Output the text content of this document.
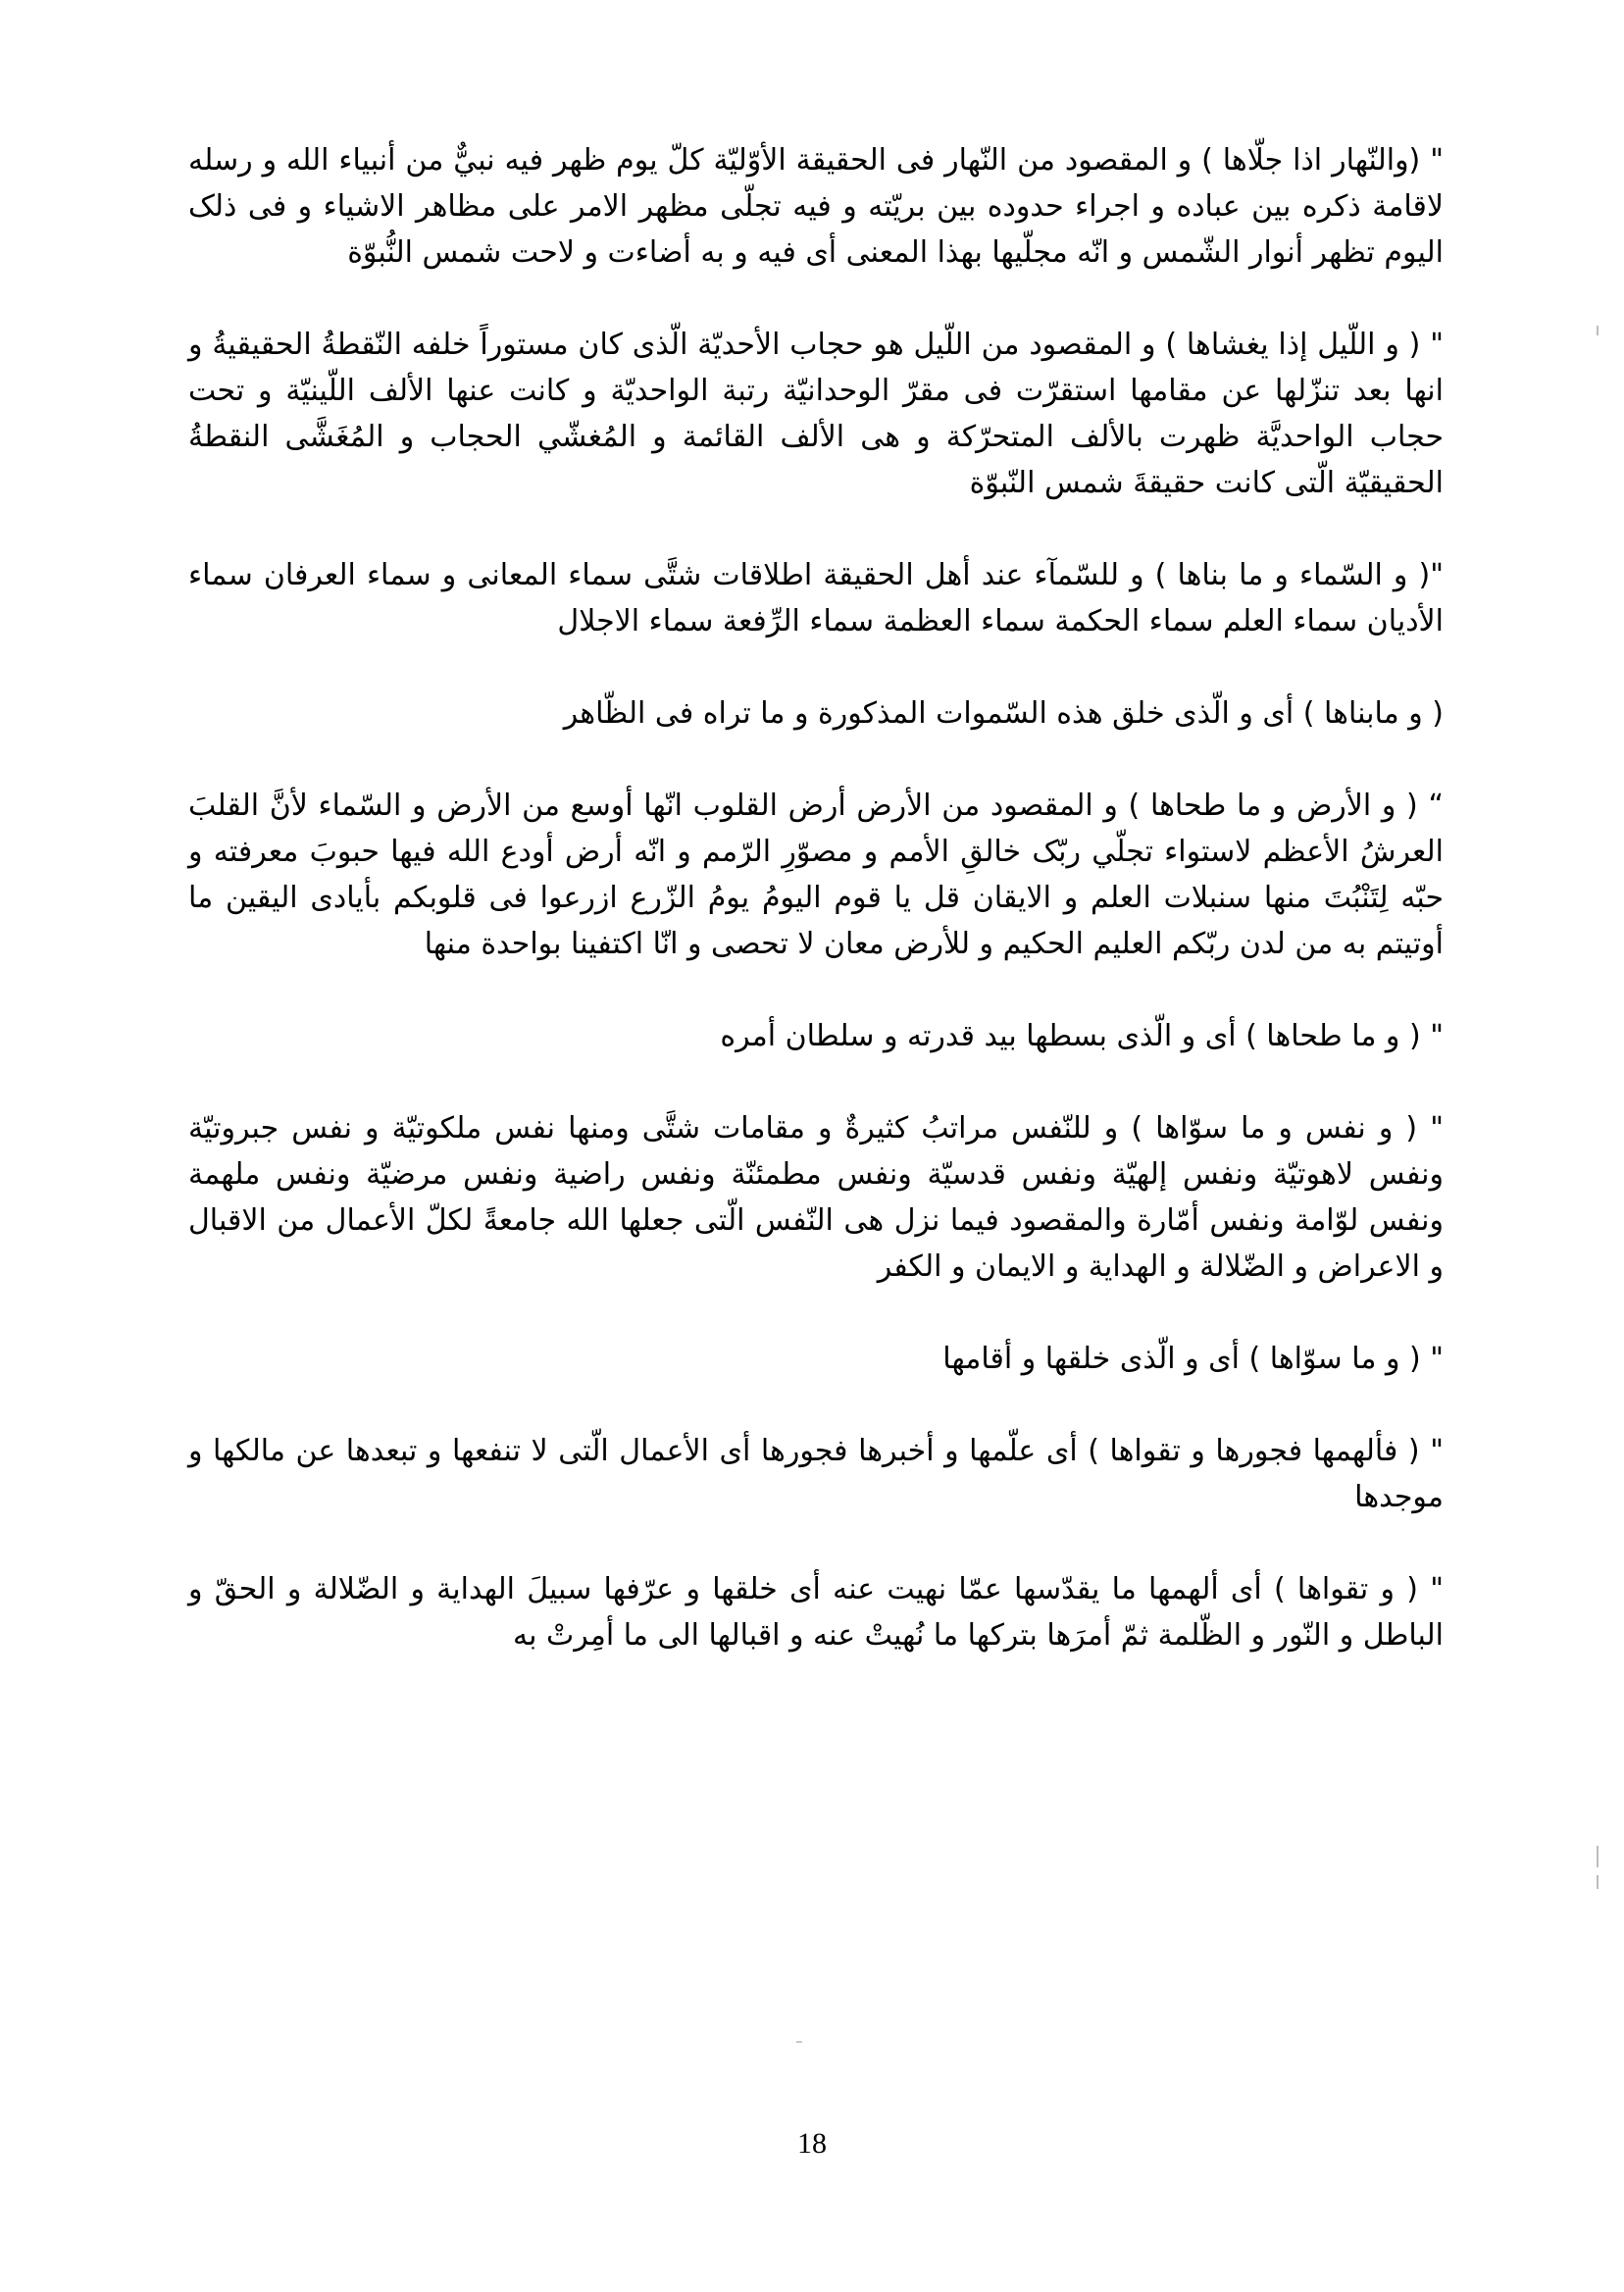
" (والنّهار اذا جلّاها ) و المقصود من النّهار فى الحقيقة الأوّليّة كلّ يوم ظهر فيه نبيٌّ من أنبياء الله و رسله لاقامة ذكره بين عباده و اجراء حدوده بين بريّته و فيه تجلّى مظهر الامر على مظاهر الاشياء و فى ذلک اليوم تظهر أنوار الشّمس و انّه مجلّيها بهذا المعنى أى فيه و به أضاءت و لاحت شمس النُّبوّة

" ( و اللّيل إذا يغشاها ) و المقصود من اللّيل هو حجاب الأحديّة الّذى كان مستوراً خلفه النّقطةُ الحقيقيةُ و انها بعد تنزّلها عن مقامها استقرّت فى مقرّ الوحدانيّة رتبة الواحديّة و كانت عنها الألف اللّينيّة و تحت حجاب الواحديَّة ظهرت بالألف المتحرّكة و هى الألف القائمة و المُغشّي الحجاب و المُغَشَّى النقطةُ الحقيقيّة الّتى كانت حقيقةَ شمس النّبوّة

"( و السّماء و ما بناها ) و للسّمآء عند أهل الحقيقة اطلاقات شتَّى سماء المعانى و سماء العرفان سماء الأديان سماء العلم سماء الحكمة سماء العظمة سماء الرِّفعة سماء الاجلال

( و مابناها ) أى و الّذى خلق هذه السّموات المذكورة و ما تراه فى الظّاهر

“ ( و الأرض و ما طحاها ) و المقصود من الأرض أرض القلوب انّها أوسع من الأرض و السّماء لأنَّ القلبَ العرشُ الأعظم لاستواء تجلّي ربّک خالقِ الأمم و مصوّرِ الرّمم و انّه أرض أودع الله فيها حبوبَ معرفته و حبّه لِتَنْبُتَ منها سنبلات العلم و الايقان قل يا قوم اليومُ يومُ الزّرع ازرعوا فى قلوبكم بأيادى اليقين ما أوتيتم به من لدن ربّكم العليم الحكيم و للأرض معان لا تحصى و انّا اكتفينا بواحدة منها

" ( و ما طحاها ) أى و الّذى بسطها بيد قدرته و سلطان أمره

" ( و نفس و ما سوّاها ) و للنّفس مراتبُ كثيرةٌ و مقامات شتَّى ومنها نفس ملكوتيّة و نفس جبروتيّة ونفس لاهوتيّة ونفس إلهيّة ونفس قدسيّة ونفس مطمئنّة ونفس راضية ونفس مرضيّة ونفس ملهمة ونفس لوّامة ونفس أمّارة والمقصود فيما نزل هى النّفس الّتى جعلها الله جامعةً لكلّ الأعمال من الاقبال و الاعراض و الضّلالة و الهداية و الايمان و الكفر

" ( و ما سوّاها ) أى و الّذى خلقها و أقامها

" ( فألهمها فجورها و تقواها ) أى علّمها و أخبرها فجورها أى الأعمال الّتى لا تنفعها و تبعدها عن مالكها و موجدها

" ( و تقواها ) أى ألهمها ما يقدّسها عمّا نهيت عنه أى خلقها و عرّفها سبيلَ الهداية و الضّلالة و الحقّ و الباطل و النّور و الظّلمة ثمّ أمرَها بتركها ما نُهيتْ عنه و اقبالها الى ما أمِرتْ به

18
